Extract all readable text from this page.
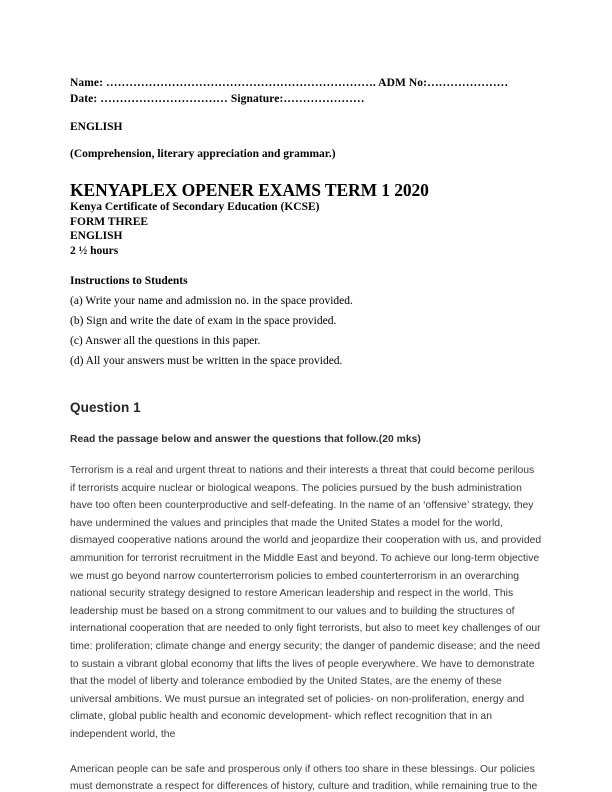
Name: ……………………………………………………………. ADM No:…………………
Date: …………………………… Signature:…………………
ENGLISH
(Comprehension, literary appreciation and grammar.)
KENYAPLEX OPENER EXAMS TERM 1 2020
Kenya Certificate of Secondary Education (KCSE)
FORM THREE
ENGLISH
2 ½ hours
Instructions to Students
(a) Write your name and admission no. in the space provided.
(b) Sign and write the date of exam in the space provided.
(c) Answer all the questions in this paper.
(d) All your answers must be written in the space provided.
Question 1
Read the passage below and answer the questions that follow.(20 mks)
Terrorism is a real and urgent threat to nations and their interests a threat that could become perilous if terrorists acquire nuclear or biological weapons. The policies pursued by the bush administration have too often been counterproductive and self-defeating. In the name of an ‘offensive’ strategy, they have undermined the values and principles that made the United States a model for the world, dismayed cooperative nations around the world and jeopardize their cooperation with us, and provided ammunition for terrorist recruitment in the Middle East and beyond. To achieve our long-term objective we must go beyond narrow counterterrorism policies to embed counterterrorism in an overarching national security strategy designed to restore American leadership and respect in the world. This leadership must be based on a strong commitment to our values and to building the structures of international cooperation that are needed to only fight terrorists, but also to meet key challenges of our time: proliferation; climate change and energy security; the danger of pandemic disease; and the need to sustain a vibrant global economy that lifts the lives of people everywhere. We have to demonstrate that the model of liberty and tolerance embodied by the United States, are the enemy of these universal ambitions. We must pursue an integrated set of policies- on non-proliferation, energy and climate, global public health and economic development- which reflect recognition that in an independent world, the
American people can be safe and prosperous only if others too share in these blessings. Our policies must demonstrate a respect for differences of history, culture and tradition, while remaining true to the
